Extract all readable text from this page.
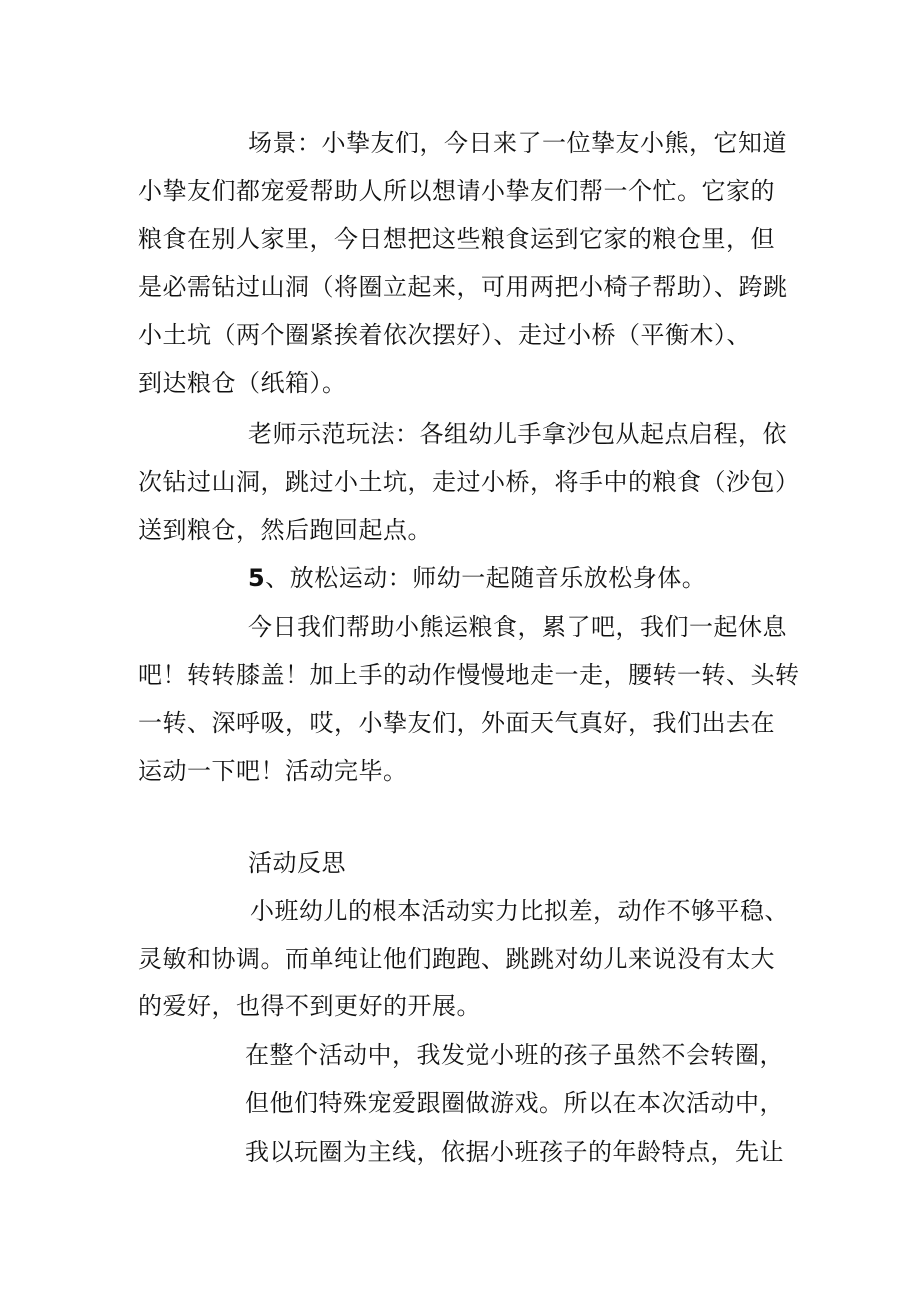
场景：小挚友们，今日来了一位挚友小熊，它知道
小挚友们都宠爱帮助人所以想请小挚友们帮一个忙。它家的
粮食在别人家里，今日想把这些粮食运到它家的粮仓里，但
是必需钻过山洞（将圈立起来，可用两把小椅子帮助）、跨跳
小土坑（两个圈紧挨着依次摆好）、走过小桥（平衡木）、
到达粮仓（纸箱）。
老师示范玩法：各组幼儿手拿沙包从起点启程，依
次钻过山洞，跳过小土坑，走过小桥，将手中的粮食（沙包）
送到粮仓，然后跑回起点。
5、放松运动：师幼一起随音乐放松身体。
今日我们帮助小熊运粮食，累了吧，我们一起休息
吧！转转膝盖！加上手的动作慢慢地走一走，腰转一转、头转
一转、深呼吸，哎，小挚友们，外面天气真好，我们出去在
运动一下吧！活动完毕。
活动反思
小班幼儿的根本活动实力比拟差，动作不够平稳、
灵敏和协调。而单纯让他们跑跑、跳跳对幼儿来说没有太大
的爱好，也得不到更好的开展。
在整个活动中，我发觉小班的孩子虽然不会转圈，
但他们特殊宠爱跟圈做游戏。所以在本次活动中，
我以玩圈为主线，依据小班孩子的年龄特点，先让
